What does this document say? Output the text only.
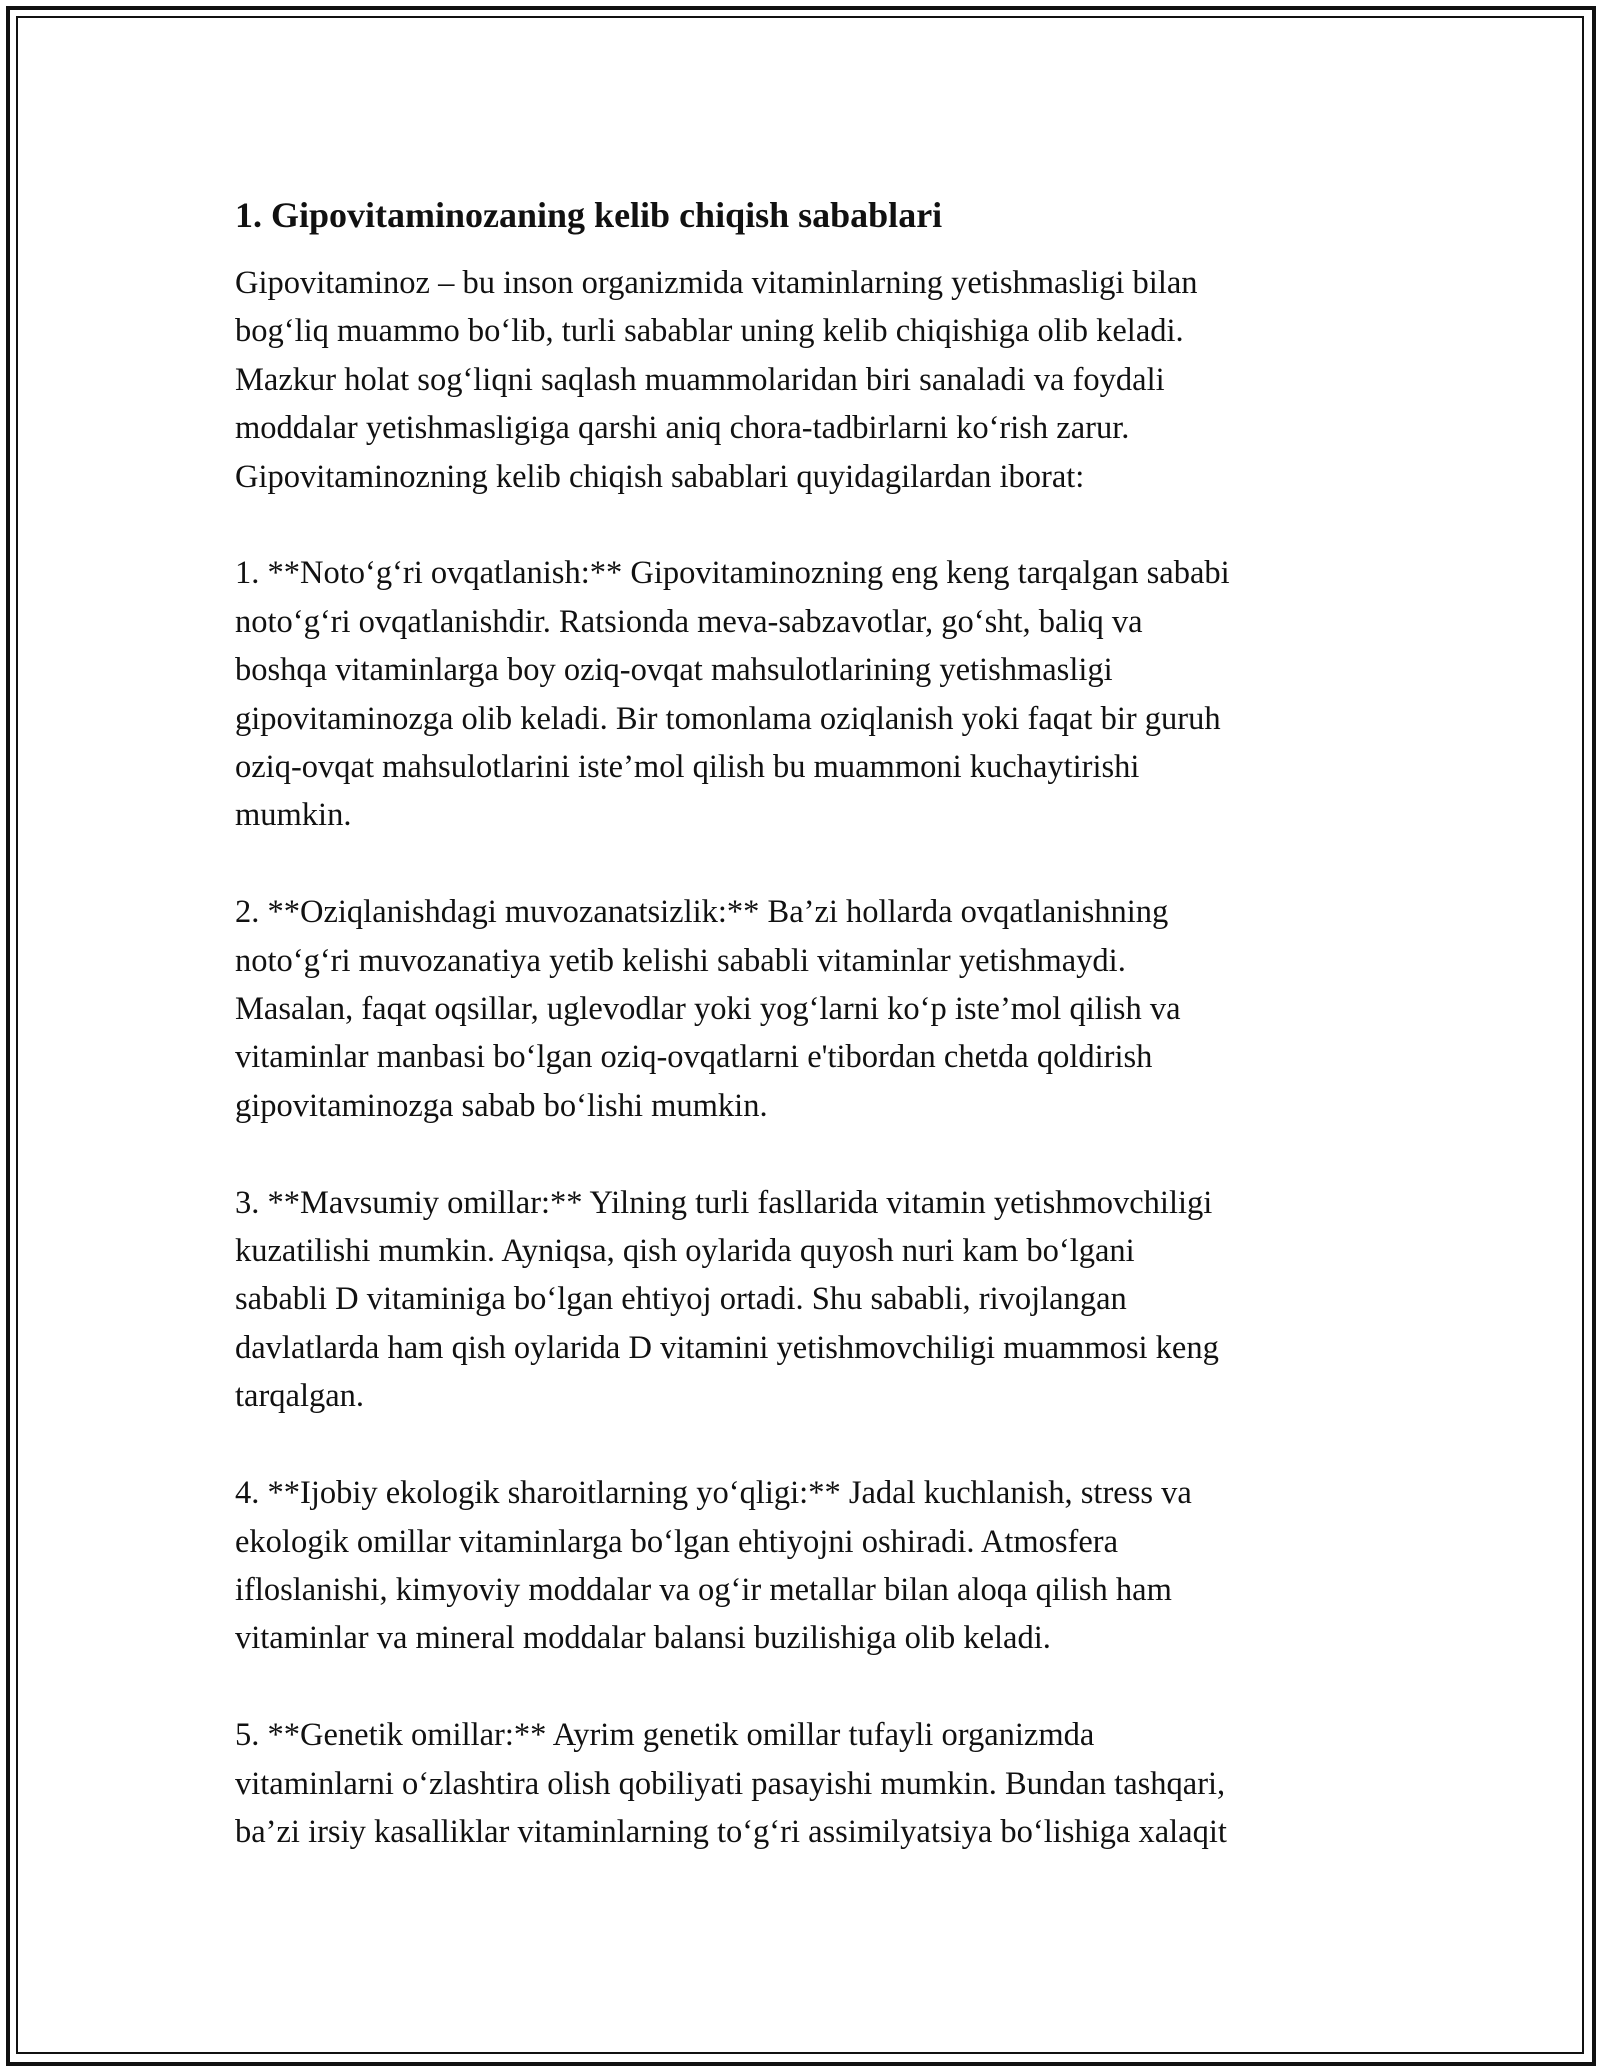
1. Gipovitaminozaning kelib chiqish sabablari

Gipovitaminoz – bu inson organizmida vitaminlarning yetishmasligi bilan
bog‘liq muammo bo‘lib, turli sabablar uning kelib chiqishiga olib keladi.
Mazkur holat sog‘liqni saqlash muammolaridan biri sanaladi va foydali
moddalar yetishmasligiga qarshi aniq chora-tadbirlarni ko‘rish zarur.
Gipovitaminozning kelib chiqish sabablari quyidagilardan iborat:

1. **Noto‘g‘ri ovqatlanish:** Gipovitaminozning eng keng tarqalgan sababi
noto‘g‘ri ovqatlanishdir. Ratsionda meva-sabzavotlar, go‘sht, baliq va
boshqa vitaminlarga boy oziq-ovqat mahsulotlarining yetishmasligi
gipovitaminozga olib keladi. Bir tomonlama oziqlanish yoki faqat bir guruh
oziq-ovqat mahsulotlarini iste’mol qilish bu muammoni kuchaytirishi
mumkin.

2. **Oziqlanishdagi muvozanatsizlik:** Ba’zi hollarda ovqatlanishning
noto‘g‘ri muvozanatiya yetib kelishi sababli vitaminlar yetishmaydi.
Masalan, faqat oqsillar, uglevodlar yoki yog‘larni ko‘p iste’mol qilish va
vitaminlar manbasi bo‘lgan oziq-ovqatlarni e'tibordan chetda qoldirish
gipovitaminozga sabab bo‘lishi mumkin.

3. **Mavsumiy omillar:** Yilning turli fasllarida vitamin yetishmovchiligi
kuzatilishi mumkin. Ayniqsa, qish oylarida quyosh nuri kam bo‘lgani
sababli D vitaminiga bo‘lgan ehtiyoj ortadi. Shu sababli, rivojlangan
davlatlarda ham qish oylarida D vitamini yetishmovchiligi muammosi keng
tarqalgan.

4. **Ijobiy ekologik sharoitlarning yo‘qligi:** Jadal kuchlanish, stress va
ekologik omillar vitaminlarga bo‘lgan ehtiyojni oshiradi. Atmosfera
ifloslanishi, kimyoviy moddalar va og‘ir metallar bilan aloqa qilish ham
vitaminlar va mineral moddalar balansi buzilishiga olib keladi.

5. **Genetik omillar:** Ayrim genetik omillar tufayli organizmda
vitaminlarni o‘zlashtira olish qobiliyati pasayishi mumkin. Bundan tashqari,
ba’zi irsiy kasalliklar vitaminlarning to‘g‘ri assimilyatsiya bo‘lishiga xalaqit
